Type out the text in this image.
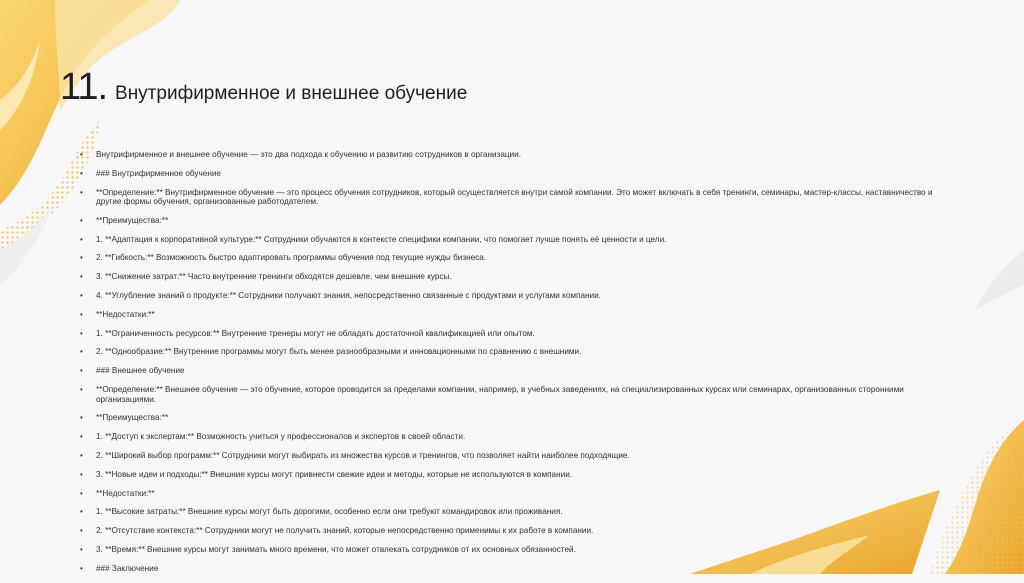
11. Внутрифирменное и внешнее обучение
• Внутрифирменное и внешнее обучение — это два подхода к обучению и развитию сотрудников в организации.
• ### Внутрифирменное обучение
• **Определение:** Внутрифирменное обучение — это процесс обучения сотрудников, который осуществляется внутри самой компании. Это может включать в себя тренинги, семинары, мастер-классы, наставничество и другие формы обучения, организованные работодателем.
• **Преимущества:**
• 1. **Адаптация к корпоративной культуре:** Сотрудники обучаются в контексте специфики компании, что помогает лучше понять её ценности и цели.
• 2. **Гибкость:** Возможность быстро адаптировать программы обучения под текущие нужды бизнеса.
• 3. **Снижение затрат:** Часто внутренние тренинги обходятся дешевле, чем внешние курсы.
• 4. **Углубление знаний о продукте:** Сотрудники получают знания, непосредственно связанные с продуктами и услугами компании.
• **Недостатки:**
• 1. **Ограниченность ресурсов:** Внутренние тренеры могут не обладать достаточной квалификацией или опытом.
• 2. **Однообразие:** Внутренние программы могут быть менее разнообразными и инновационными по сравнению с внешними.
• ### Внешнее обучение
• **Определение:** Внешнее обучение — это обучение, которое проводится за пределами компании, например, в учебных заведениях, на специализированных курсах или семинарах, организованных сторонними организациями.
• **Преимущества:**
• 1. **Доступ к экспертам:** Возможность учиться у профессионалов и экспертов в своей области.
• 2. **Широкий выбор программ:** Сотрудники могут выбирать из множества курсов и тренингов, что позволяет найти наиболее подходящие.
• 3. **Новые идеи и подходы:** Внешние курсы могут привнести свежие идеи и методы, которые не используются в компании.
• **Недостатки:**
• 1. **Высокие затраты:** Внешние курсы могут быть дорогими, особенно если они требуют командировок или проживания.
• 2. **Отсутствие контекста:** Сотрудники могут не получить знаний, которые непосредственно применимы к их работе в компании.
• 3. **Время:** Внешние курсы могут занимать много времени, что может отвлекать сотрудников от их основных обязанностей.
• ### Заключение
